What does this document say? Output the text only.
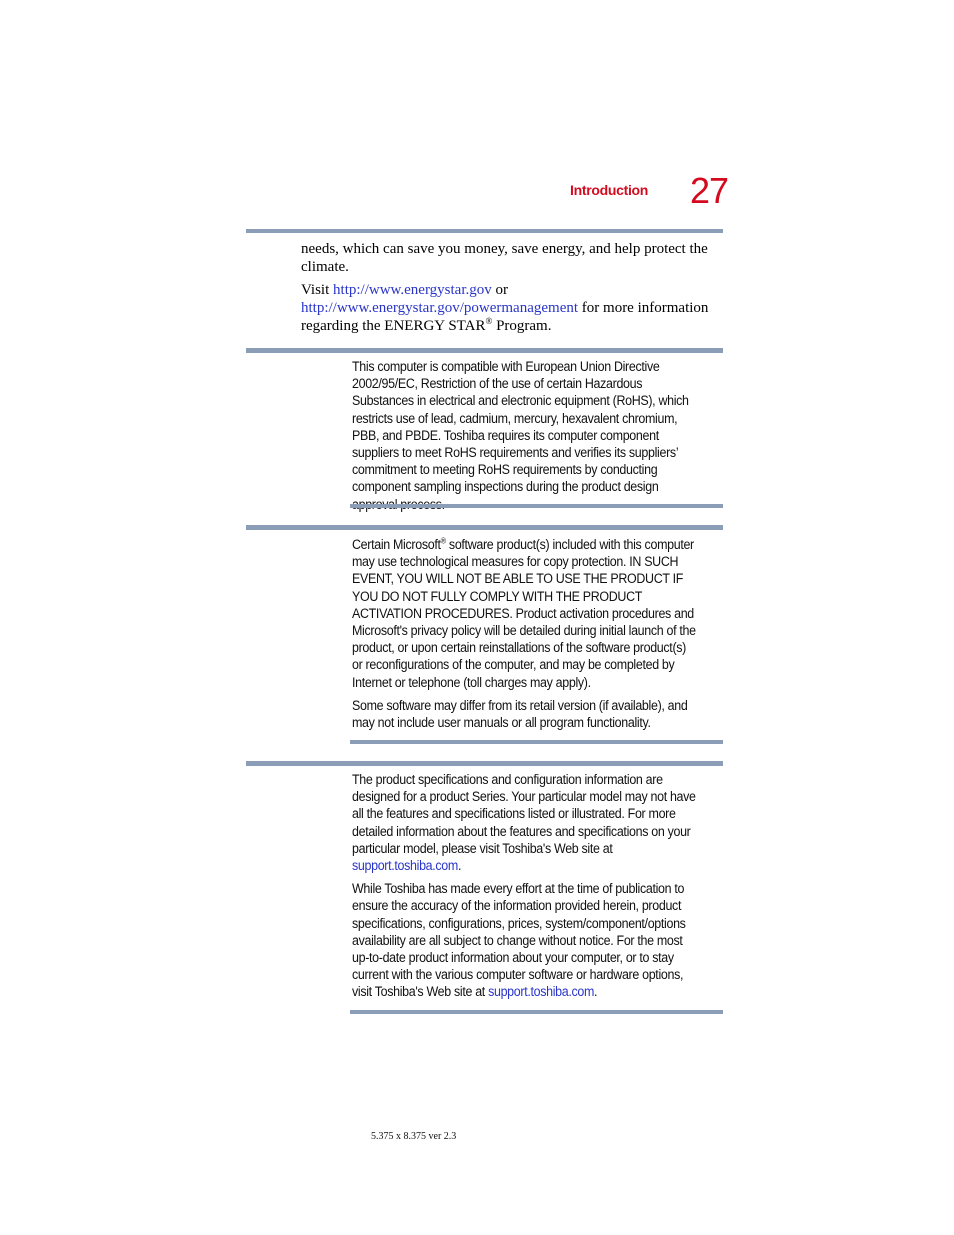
Introduction 27

needs, which can save you money, save energy, and help protect the climate.

Visit http://www.energystar.gov or
http://www.energystar.gov/powermanagement for more information regarding the ENERGY STAR® Program.

This computer is compatible with European Union Directive 2002/95/EC, Restriction of the use of certain Hazardous Substances in electrical and electronic equipment (RoHS), which restricts use of lead, cadmium, mercury, hexavalent chromium, PBB, and PBDE. Toshiba requires its computer component suppliers to meet RoHS requirements and verifies its suppliers’ commitment to meeting RoHS requirements by conducting component sampling inspections during the product design

Certain Microsoft® software product(s) included with this computer may use technological measures for copy protection. IN SUCH EVENT, YOU WILL NOT BE ABLE TO USE THE PRODUCT IF YOU DO NOT FULLY COMPLY WITH THE PRODUCT ACTIVATION PROCEDURES. Product activation procedures and Microsoft's privacy policy will be detailed during initial launch of the product, or upon certain reinstallations of the software product(s) or reconfigurations of the computer, and may be completed by Internet or telephone (toll charges may apply).

Some software may differ from its retail version (if available), and may not include user manuals or all program functionality.

The product specifications and configuration information are designed for a product Series. Your particular model may not have all the features and specifications listed or illustrated. For more detailed information about the features and specifications on your particular model, please visit Toshiba's Web site at support.toshiba.com.

While Toshiba has made every effort at the time of publication to ensure the accuracy of the information provided herein, product specifications, configurations, prices, system/component/options availability are all subject to change without notice. For the most up-to-date product information about your computer, or to stay current with the various computer software or hardware options, visit Toshiba's Web site at support.toshiba.com.

5.375 x 8.375 ver 2.3
